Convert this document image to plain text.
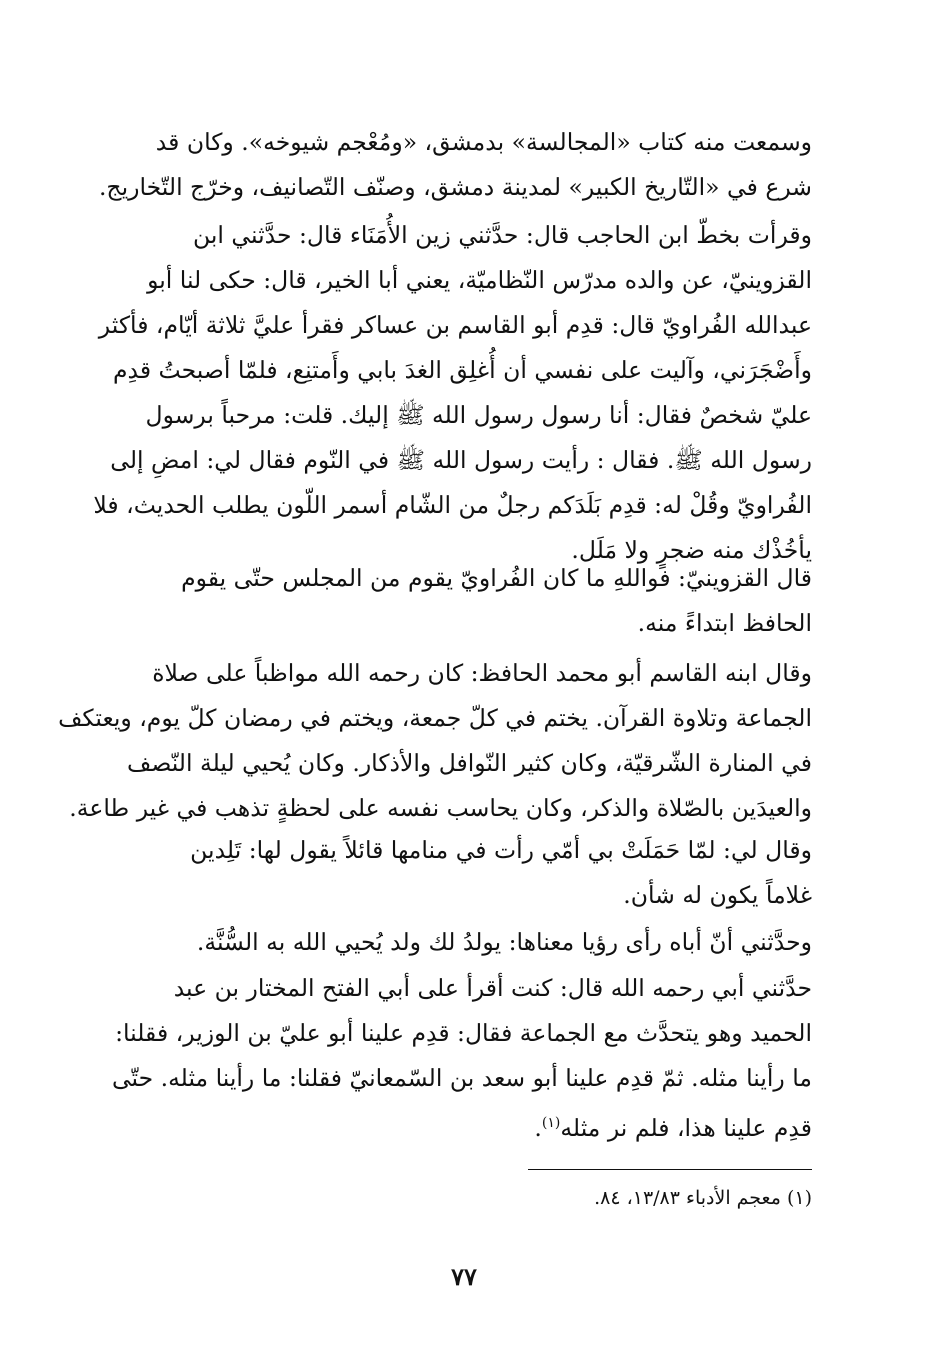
وسمعت منه كتاب «المجالسة» بدمشق، «ومُعْجم شيوخه». وكان قد
شرع في «التّاريخ الكبير» لمدينة دمشق، وصنّف التّصانيف، وخرّج التّخاريج.

وقرأت بخطّ ابن الحاجب قال: حدَّثني زين الأُمَنَاء قال: حدَّثني ابن
القزوينيّ، عن والده مدرّس النّظاميّة، يعني أبا الخير، قال: حكى لنا أبو
عبدالله الفُراويّ قال: قدِم أبو القاسم بن عساكر فقرأ عليَّ ثلاثة أيّام، فأكثر
وأَضْجَرَني، وآليت على نفسي أن أُغلِق الغدَ بابي وأَمتنِع، فلمّا أصبحتُ قدِم
عليّ شخصٌ فقال: أنا رسول رسول الله ﷺ إليك. قلت: مرحباً برسول
رسول الله ﷺ. فقال : رأيت رسول الله ﷺ في النّوم فقال لي: امضِ إلى
الفُراويّ وقُلْ له: قدِم بَلَدَكم رجلٌ من الشّام أسمر اللّون يطلب الحديث، فلا
يأخُذْك منه ضجرٍ ولا مَلَل.

قال القزوينيّ: فواللهِ ما كان الفُراويّ يقوم من المجلس حتّى يقوم
الحافظ ابتداءً منه.

وقال ابنه القاسم أبو محمد الحافظ: كان رحمه الله مواظباً على صلاة
الجماعة وتلاوة القرآن. يختم في كلّ جمعة، ويختم في رمضان كلّ يوم، ويعتكف
في المنارة الشّرقيّة، وكان كثير النّوافل والأذكار. وكان يُحيي ليلة النّصف
والعيدَين بالصّلاة والذكر، وكان يحاسب نفسه على لحظةٍ تذهب في غير طاعة.

وقال لي: لمّا حَمَلَتْ بي أمّي رأت في منامها قائلاً يقول لها: تَلِدين
غلاماً يكون له شأن.

وحدَّثني أنّ أباه رأى رؤيا معناها: يولدُ لك ولد يُحيي الله به السُّنَّة.

حدَّثني أبي رحمه الله قال: كنت أقرأ على أبي الفتح المختار بن عبد
الحميد وهو يتحدَّث مع الجماعة فقال: قدِم علينا أبو عليّ بن الوزير، فقلنا:
ما رأينا مثله. ثمّ قدِم علينا أبو سعد بن السّمعانيّ فقلنا: ما رأينا مثله. حتّى
قدِم علينا هذا، فلم نر مثله$^{(١)}$.

(١) معجم الأدباء ١٣/٨٣، ٨٤.

٧٧
